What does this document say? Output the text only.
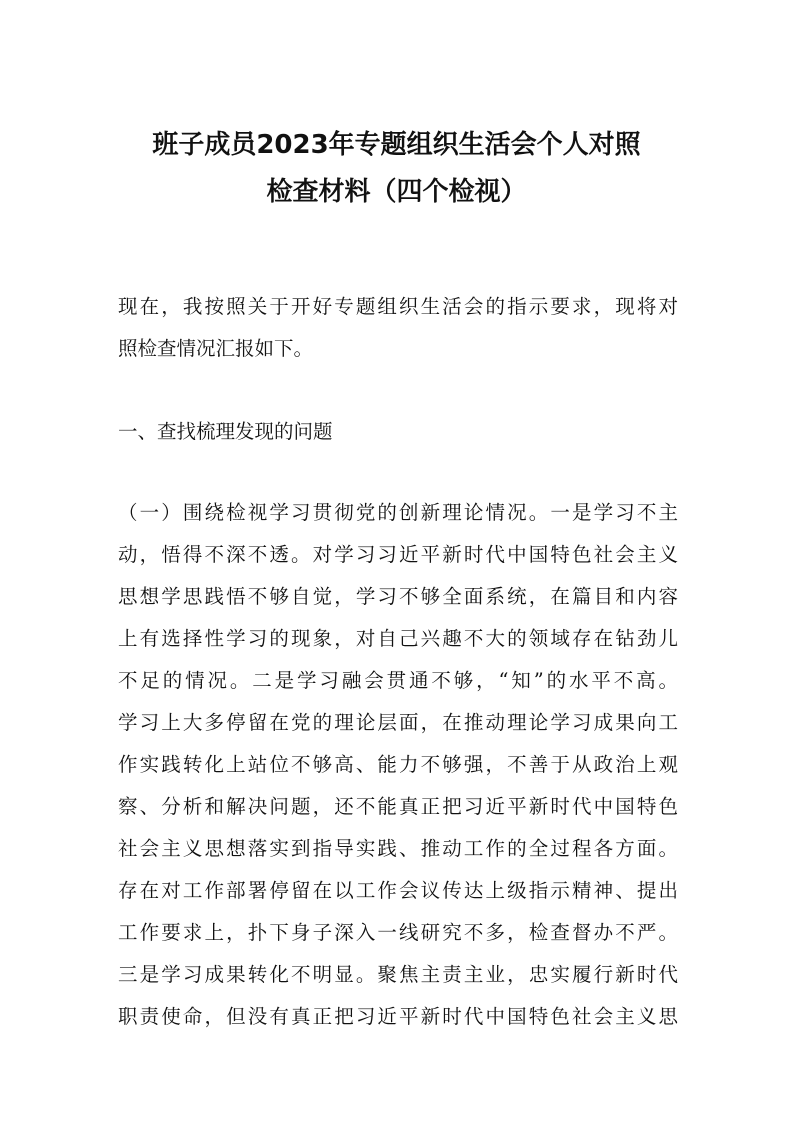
班子成员2023年专题组织生活会个人对照
检查材料（四个检视）
现在，我按照关于开好专题组织生活会的指示要求，现将对
照检查情况汇报如下。
一、查找梳理发现的问题
（一）围绕检视学习贯彻党的创新理论情况。一是学习不主
动，悟得不深不透。对学习习近平新时代中国特色社会主义
思想学思践悟不够自觉，学习不够全面系统，在篇目和内容
上有选择性学习的现象，对自己兴趣不大的领域存在钻劲儿
不足的情况。二是学习融会贯通不够，“知”的水平不高。
学习上大多停留在党的理论层面，在推动理论学习成果向工
作实践转化上站位不够高、能力不够强，不善于从政治上观
察、分析和解决问题，还不能真正把习近平新时代中国特色
社会主义思想落实到指导实践、推动工作的全过程各方面。
存在对工作部署停留在以工作会议传达上级指示精神、提出
工作要求上，扑下身子深入一线研究不多，检查督办不严。
三是学习成果转化不明显。聚焦主责主业，忠实履行新时代
职责使命，但没有真正把习近平新时代中国特色社会主义思
